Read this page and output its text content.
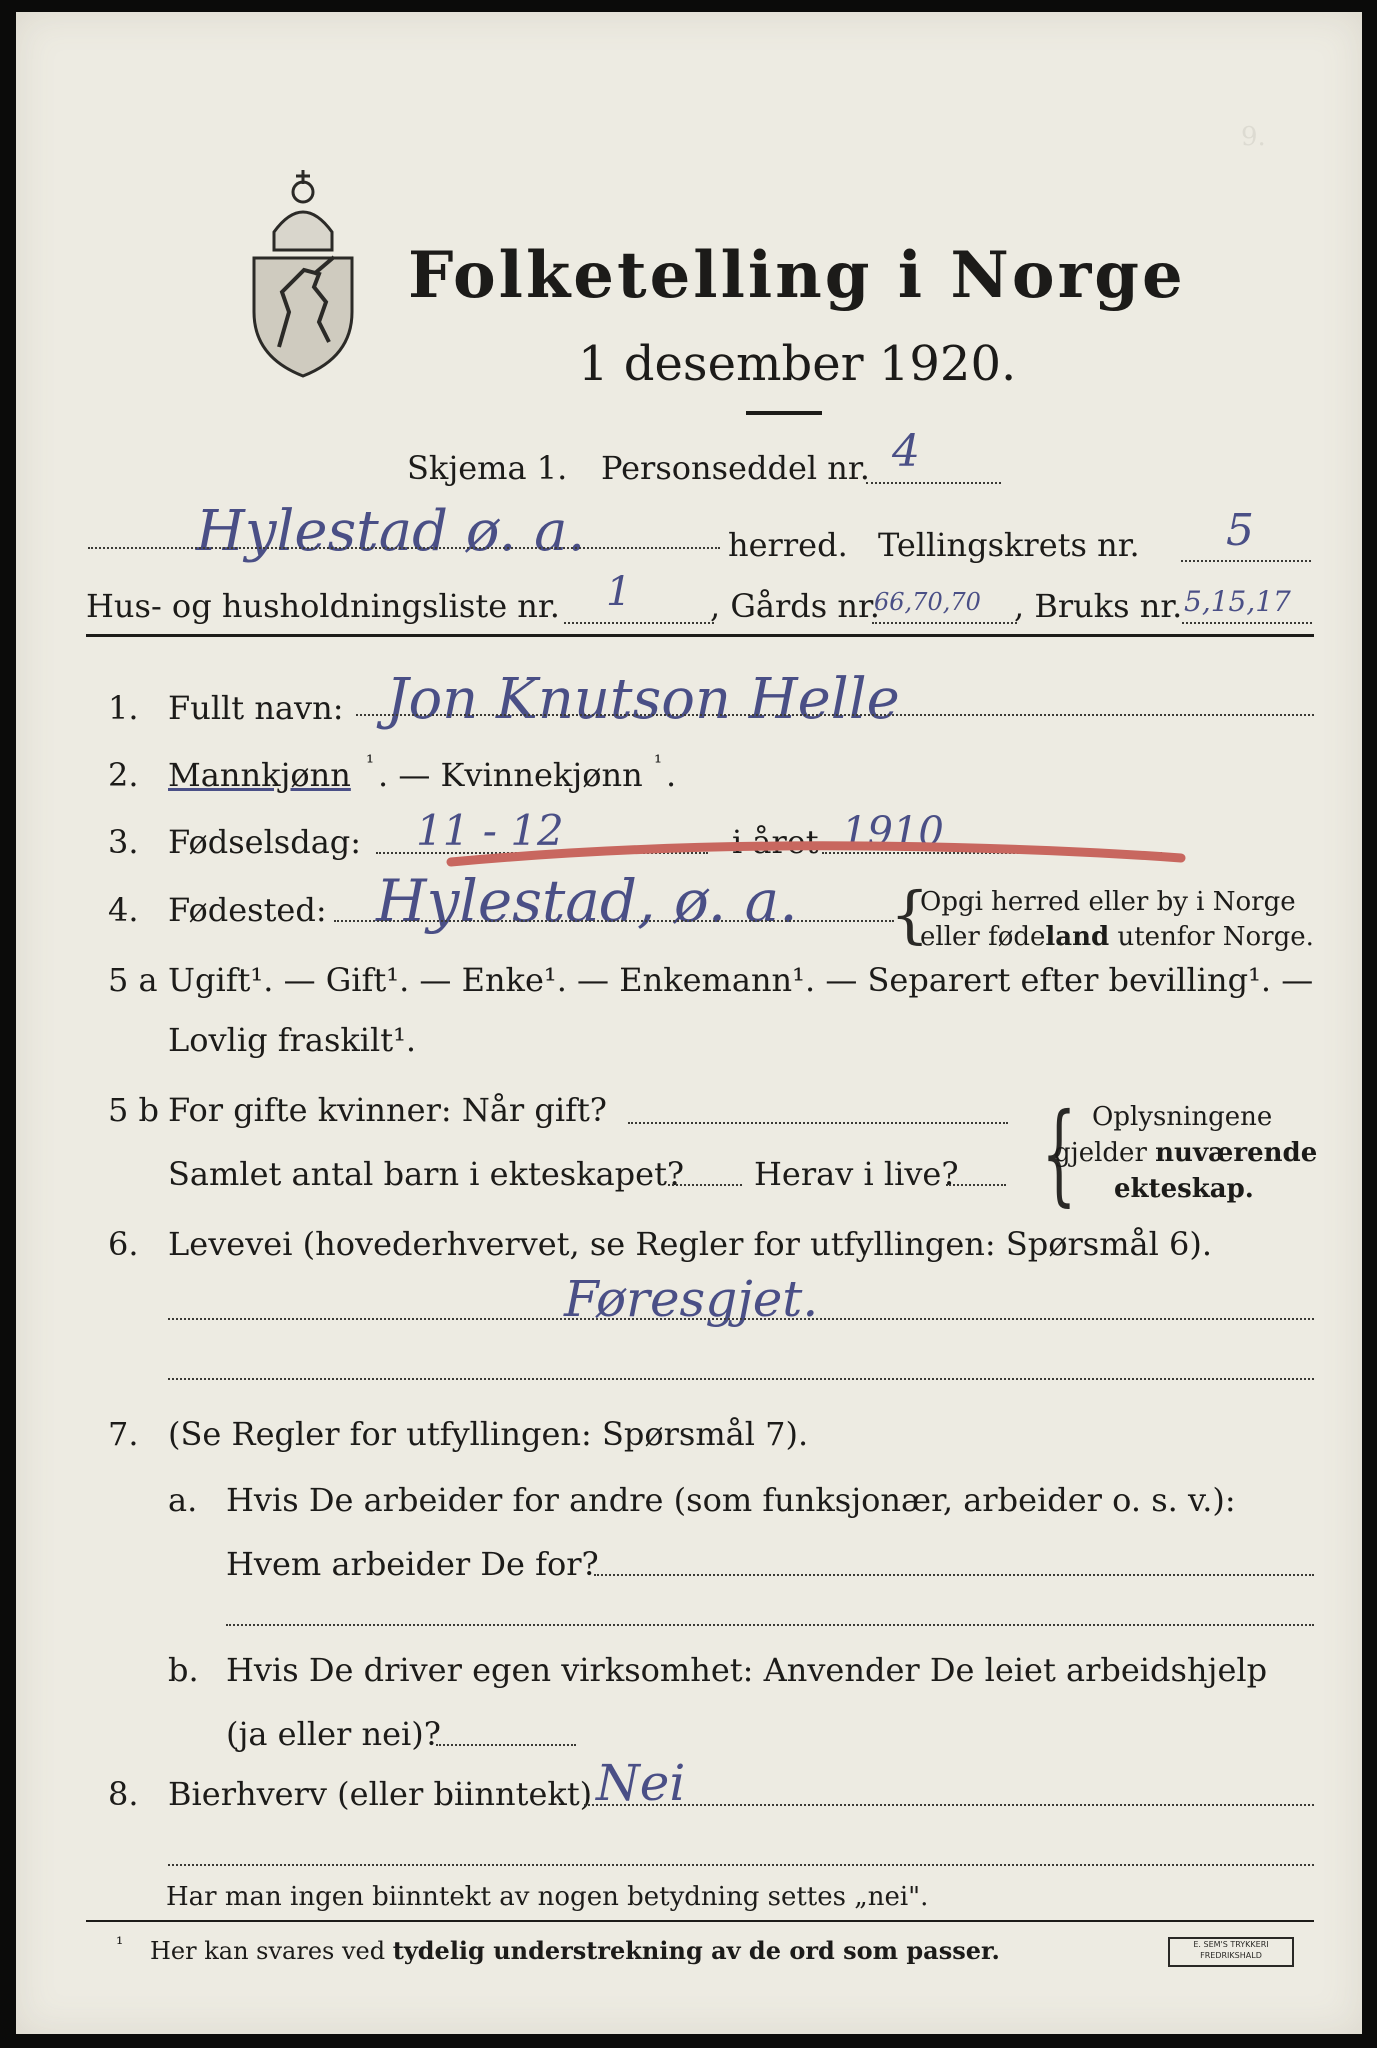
9.
Folketelling i Norge
1 desember 1920.
Skjema 1. Personseddel nr. 4
Hylestad ø. a.	herred. Tellingskrets nr. 5
Hus- og husholdningsliste nr. 1 , Gårds nr.
66,70,70 , Bruks nr. 5,15,17
1. Fullt navn: Jon Knutson Helle
2. Mannkjønn ¹ . — Kvinnekjønn ¹ .
3. Fødselsdag: 11 - 12	i året 1910
4. Fødested: Hylestad, ø. a. {
Opgi herred eller by i Norge
eller fødeland utenfor Norge.
5 a Ugift¹. — Gift¹. — Enke¹. — Enkemann¹. — Separert efter bevilling¹. —
Lovlig fraskilt¹.
5 b For gifte kvinner: Når gift?
Samlet antal barn i ekteskapet? Herav i live? { Oplysningene
gjelder nuværende
ekteskap.
6. Levevei (hovederhvervet, se Regler for utfyllingen: Spørsmål 6).
Føresgjet.
7. (Se Regler for utfyllingen: Spørsmål 7).
a. Hvis De arbeider for andre (som funksjonær, arbeider o. s. v.):
Hvem arbeider De for?
b. Hvis De driver egen virksomhet: Anvender De leiet arbeidshjelp
(ja eller nei)?
8. Bierhverv (eller biinntekt) Nei
Har man ingen biinntekt av nogen betydning settes „nei".
¹ Her kan svares ved tydelig understrekning av de ord som passer.	E. SEM'S TRYKKERI FREDRIKSHALD
